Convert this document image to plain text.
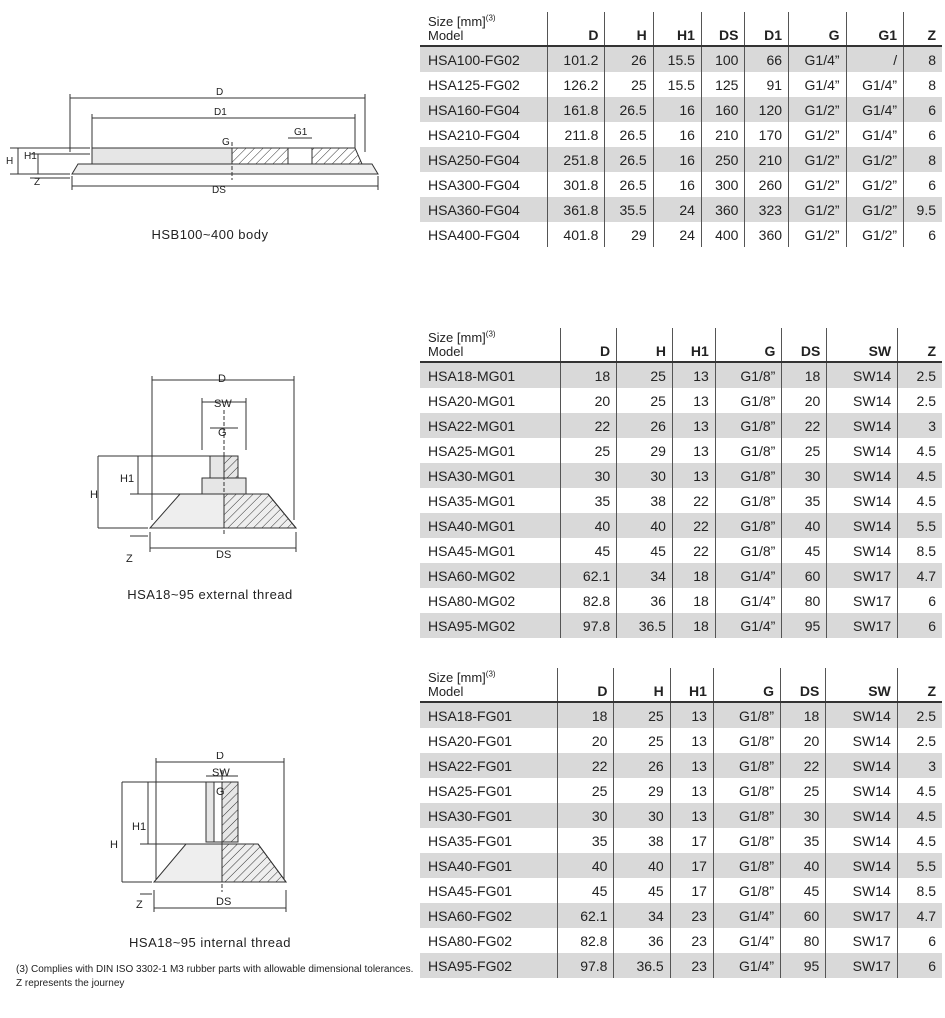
D
D1
G
G1
H H1
Z
DS
HSB100~400 body
D
SW
G
H1
H
Z	DS
HSA18~95 external thread
D
SW
G
H1
H
Z	DS
HSA18~95 internal thread
(3) Complies with DIN ISO 3302-1 M3 rubber parts with allowable dimensional tolerances. Z represents the journey
Size [mm]$^{(3)}$
Model	D	H	H1	DS	D1	G	G1	Z
HSA100-FG02	101.2	26	15.5	100	66	G1/4”	/	8
HSA125-FG02	126.2	25	15.5	125	91	G1/4”	G1/4”	8
HSA160-FG04	161.8	26.5	16	160	120	G1/2”	G1/4”	6
HSA210-FG04	211.8	26.5	16	210	170	G1/2”	G1/4”	6
HSA250-FG04	251.8	26.5	16	250	210	G1/2”	G1/2”	8
HSA300-FG04	301.8	26.5	16	300	260	G1/2”	G1/2”	6
HSA360-FG04	361.8	35.5	24	360	323	G1/2”	G1/2”	9.5
HSA400-FG04	401.8	29	24	400	360	G1/2”	G1/2”	6
Size [mm]$^{(3)}$
Model	D	H	H1	G	DS	SW	Z
HSA18-MG01	18	25	13	G1/8”	18	SW14	2.5
HSA20-MG01	20	25	13	G1/8”	20	SW14	2.5
HSA22-MG01	22	26	13	G1/8”	22	SW14	3
HSA25-MG01	25	29	13	G1/8”	25	SW14	4.5
HSA30-MG01	30	30	13	G1/8”	30	SW14	4.5
HSA35-MG01	35	38	22	G1/8”	35	SW14	4.5
HSA40-MG01	40	40	22	G1/8”	40	SW14	5.5
HSA45-MG01	45	45	22	G1/8”	45	SW14	8.5
HSA60-MG02	62.1	34	18	G1/4”	60	SW17	4.7
HSA80-MG02	82.8	36	18	G1/4”	80	SW17	6
HSA95-MG02	97.8	36.5	18	G1/4”	95	SW17	6
Size [mm]$^{(3)}$
Model	D	H	H1	G	DS	SW	Z
HSA18-FG01	18	25	13	G1/8”	18	SW14	2.5
HSA20-FG01	20	25	13	G1/8”	20	SW14	2.5
HSA22-FG01	22	26	13	G1/8”	22	SW14	3
HSA25-FG01	25	29	13	G1/8”	25	SW14	4.5
HSA30-FG01	30	30	13	G1/8”	30	SW14	4.5
HSA35-FG01	35	38	17	G1/8”	35	SW14	4.5
HSA40-FG01	40	40	17	G1/8”	40	SW14	5.5
HSA45-FG01	45	45	17	G1/8”	45	SW14	8.5
HSA60-FG02	62.1	34	23	G1/4”	60	SW17	4.7
HSA80-FG02	82.8	36	23	G1/4”	80	SW17	6
HSA95-FG02	97.8	36.5	23	G1/4”	95	SW17	6
